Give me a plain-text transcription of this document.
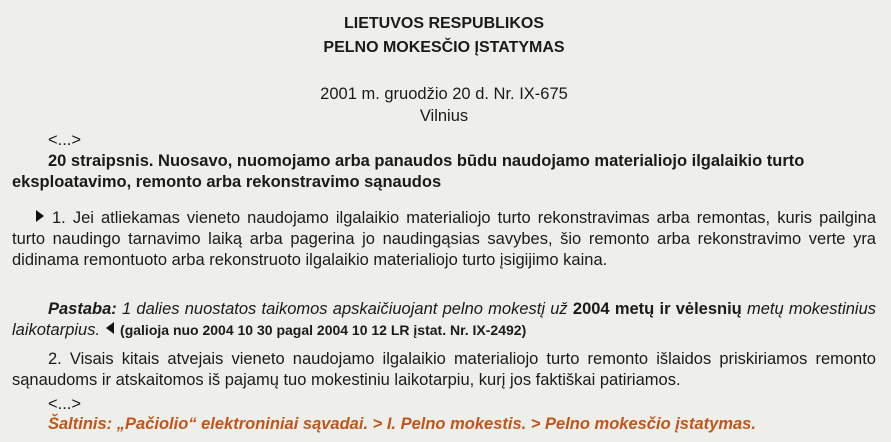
LIETUVOS RESPUBLIKOS
PELNO MOKESČIO ĮSTATYMAS
2001 m. gruodžio 20 d. Nr. IX-675
Vilnius
<...>
20 straipsnis. Nuosavo, nuomojamo arba panaudos būdu naudojamo materialiojo ilgalaikio turto eksploatavimo, remonto arba rekonstravimo sąnaudos
1. Jei atliekamas vieneto naudojamo ilgalaikio materialiojo turto rekonstravimas arba remontas, kuris pailgina turto naudingo tarnavimo laiką arba pagerina jo naudingąsias savybes, šio remonto arba rekonstravimo verte yra didinama remontuoto arba rekonstruoto ilgalaikio materialiojo turto įsigijimo kaina.
Pastaba: 1 dalies nuostatos taikomos apskaičiuojant pelno mokestį už 2004 metų ir vėlesnių metų mokestinius laikotarpius. (galioja nuo 2004 10 30 pagal 2004 10 12 LR įstat. Nr. IX-2492)
2. Visais kitais atvejais vieneto naudojamo ilgalaikio materialiojo turto remonto išlaidos priskiriamos remonto sąnaudoms ir atskaitomos iš pajamų tuo mokestiniu laikotarpiu, kurį jos faktiškai patiriamos.
<...>
Šaltinis: „Pačiolio“ elektroniniai sąvadai. > I. Pelno mokestis. > Pelno mokesčio įstatymas.
